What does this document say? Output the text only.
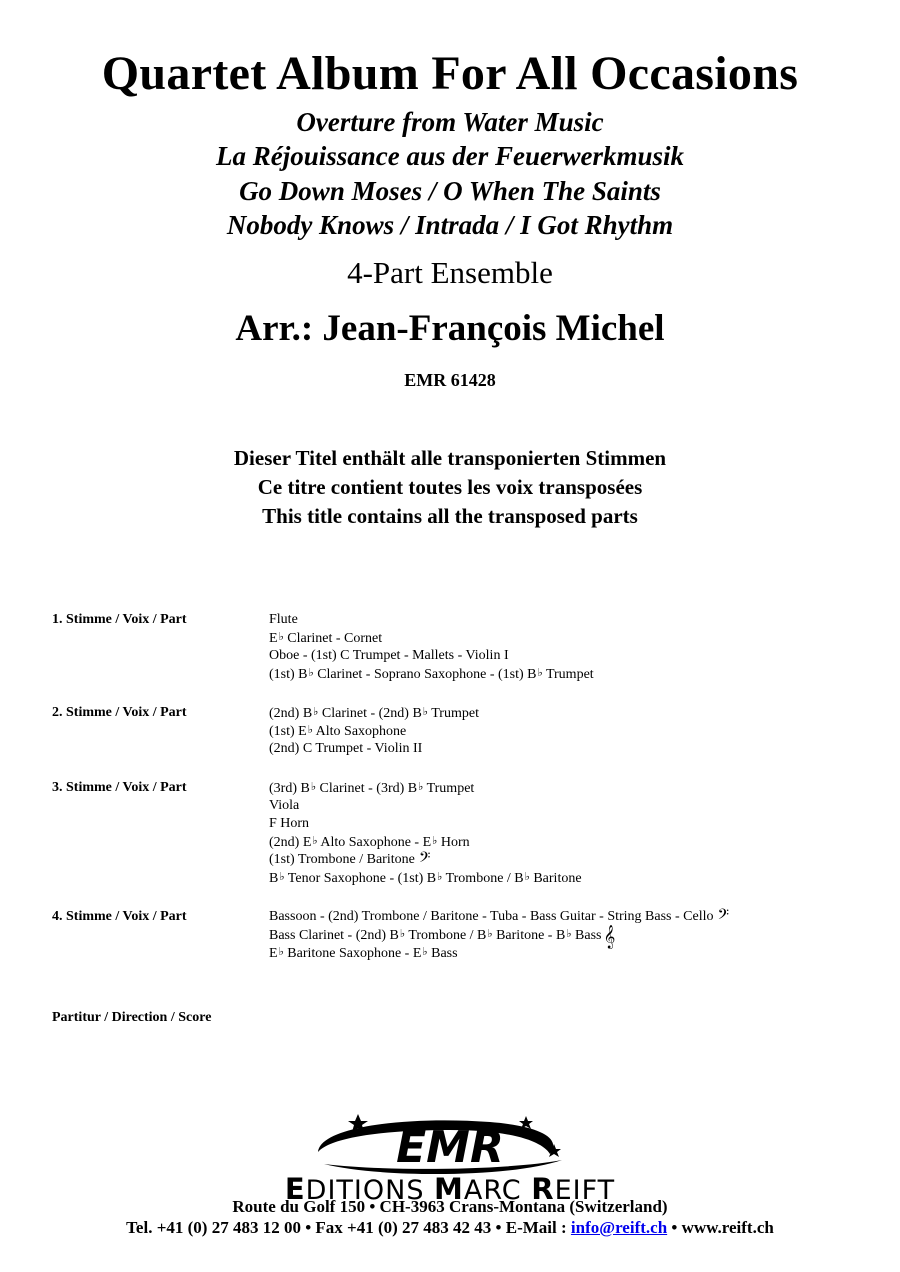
Quartet Album For All Occasions
Overture from Water Music
La Réjouissance aus der Feuerwerkmusik
Go Down Moses / O When The Saints
Nobody Knows / Intrada / I Got Rhythm
4-Part Ensemble
Arr.: Jean-François Michel
EMR 61428
Dieser Titel enthält alle transponierten Stimmen
Ce titre contient toutes les voix transposées
This title contains all the transposed parts
1. Stimme / Voix / Part	Flute
E♭ Clarinet - Cornet
Oboe - (1st) C Trumpet - Mallets - Violin I
(1st) B♭ Clarinet - Soprano Saxophone - (1st) B♭ Trumpet
2. Stimme / Voix / Part	(2nd) B♭ Clarinet - (2nd) B♭ Trumpet
(1st) E♭ Alto Saxophone
(2nd) C Trumpet - Violin II
3. Stimme / Voix / Part	(3rd) B♭ Clarinet - (3rd) B♭ Trumpet
Viola
F Horn
(2nd) E♭ Alto Saxophone - E♭ Horn
(1st) Trombone / Baritone 𝄢
B♭ Tenor Saxophone - (1st) B♭ Trombone / B♭ Baritone
4. Stimme / Voix / Part	Bassoon - (2nd) Trombone / Baritone - Tuba - Bass Guitar - String Bass - Cello 𝄢
Bass Clarinet - (2nd) B♭ Trombone / B♭ Baritone - B♭ Bass 𝄞
E♭ Baritone Saxophone - E♭ Bass
Partitur / Direction / Score
EMR
EDITIONS MARC REIFT
Route du Golf 150 • CH-3963 Crans-Montana (Switzerland)
Tel. +41 (0) 27 483 12 00 • Fax +41 (0) 27 483 42 43 • E-Mail : info@reift.ch • www.reift.ch
